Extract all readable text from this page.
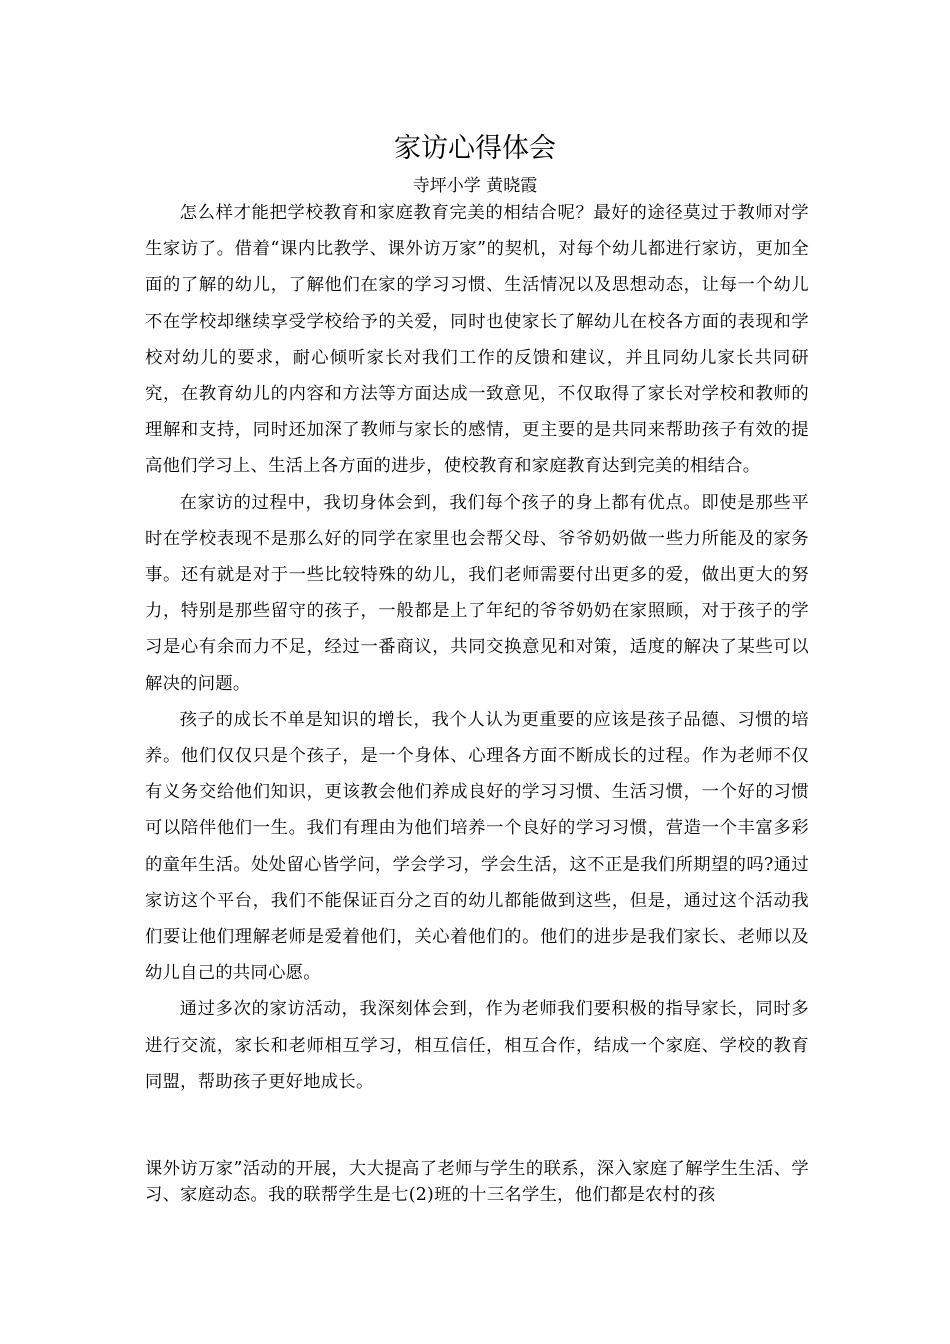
家访心得体会
寺坪小学 黄晓霞

怎么样才能把学校教育和家庭教育完美的相结合呢？最好的途径莫过于教师对学生家访了。借着“课内比教学、课外访万家”的契机，对每个幼儿都进行家访，更加全面的了解的幼儿，了解他们在家的学习习惯、生活情况以及思想动态，让每一个幼儿不在学校却继续享受学校给予的关爱，同时也使家长了解幼儿在校各方面的表现和学校对幼儿的要求，耐心倾听家长对我们工作的反馈和建议，并且同幼儿家长共同研究，在教育幼儿的内容和方法等方面达成一致意见，不仅取得了家长对学校和教师的理解和支持，同时还加深了教师与家长的感情，更主要的是共同来帮助孩子有效的提高他们学习上、生活上各方面的进步，使校教育和家庭教育达到完美的相结合。

在家访的过程中，我切身体会到，我们每个孩子的身上都有优点。即使是那些平时在学校表现不是那么好的同学在家里也会帮父母、爷爷奶奶做一些力所能及的家务事。还有就是对于一些比较特殊的幼儿，我们老师需要付出更多的爱，做出更大的努力，特别是那些留守的孩子，一般都是上了年纪的爷爷奶奶在家照顾，对于孩子的学习是心有余而力不足，经过一番商议，共同交换意见和对策，适度的解决了某些可以解决的问题。

孩子的成长不单是知识的增长，我个人认为更重要的应该是孩子品德、习惯的培养。他们仅仅只是个孩子，是一个身体、心理各方面不断成长的过程。作为老师不仅有义务交给他们知识，更该教会他们养成良好的学习习惯、生活习惯，一个好的习惯可以陪伴他们一生。我们有理由为他们培养一个良好的学习习惯，营造一个丰富多彩的童年生活。处处留心皆学问，学会学习，学会生活，这不正是我们所期望的吗?通过家访这个平台，我们不能保证百分之百的幼儿都能做到这些，但是，通过这个活动我们要让他们理解老师是爱着他们，关心着他们的。他们的进步是我们家长、老师以及幼儿自己的共同心愿。

通过多次的家访活动，我深刻体会到，作为老师我们要积极的指导家长，同时多进行交流，家长和老师相互学习，相互信任，相互合作，结成一个家庭、学校的教育同盟，帮助孩子更好地成长。

课外访万家”活动的开展，大大提高了老师与学生的联系，深入家庭了解学生生活、学习、家庭动态。我的联帮学生是七(2)班的十三名学生，他们都是农村的孩
